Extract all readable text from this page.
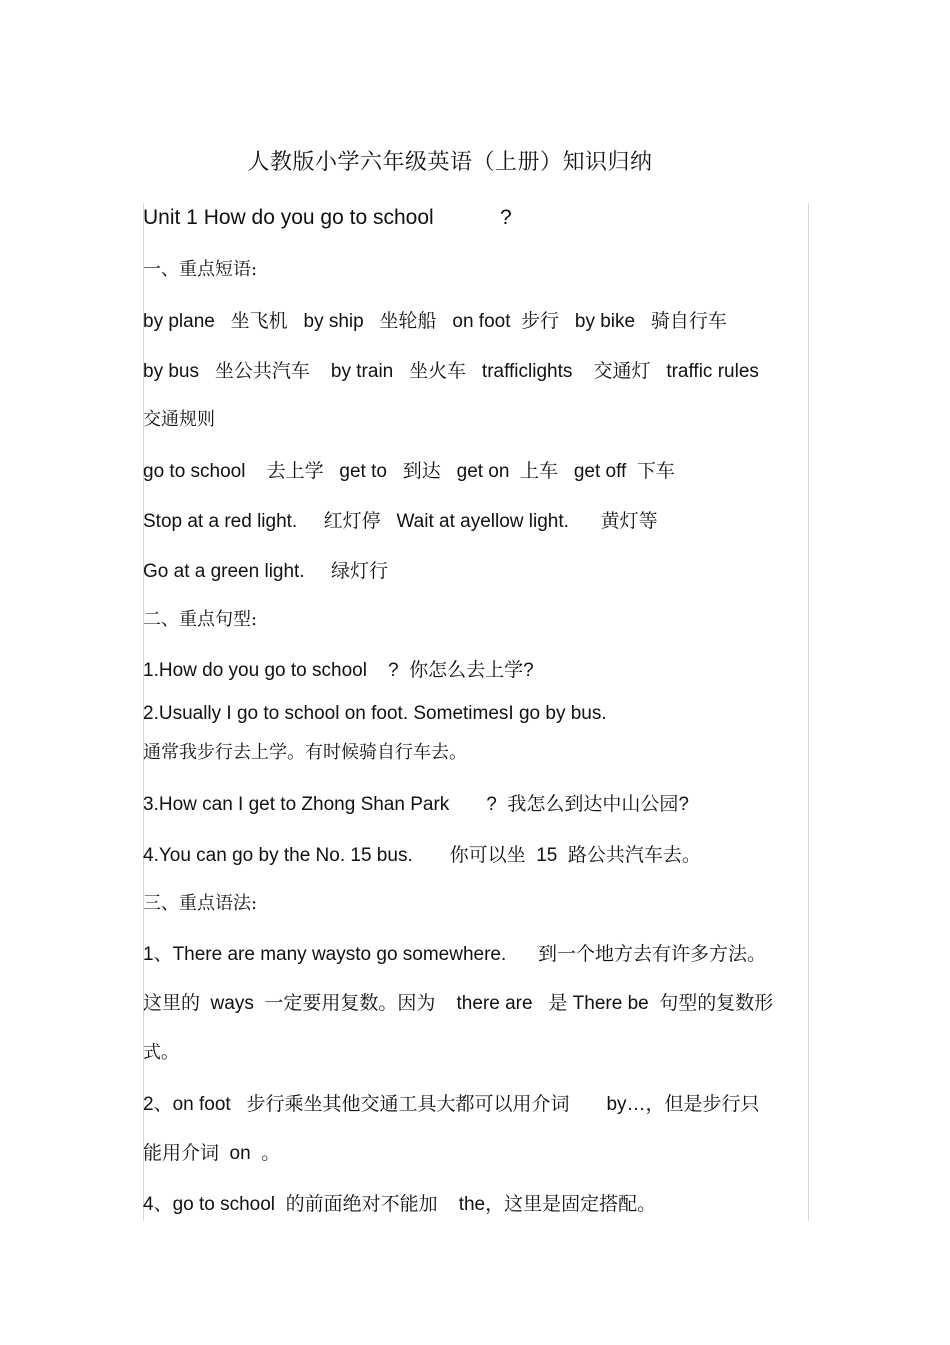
人教版小学六年级英语（上册）知识归纳
Unit 1 How do you go to school	?
一、重点短语:
by plane   坐飞机   by ship   坐轮船   on foot  步行   by bike   骑自行车
by bus   坐公共汽车    by train   坐火车   trafficlights    交通灯   traffic rules
交通规则
go to school    去上学   get to   到达   get on  上车   get off  下车
Stop at a red light.     红灯停   Wait at ayellow light.      黄灯等
Go at a green light.     绿灯行
二、重点句型:
1.How do you go to school    ?  你怎么去上学?
2.Usually I go to school on foot. SometimesI go by bus.
通常我步行去上学。有时候骑自行车去。
3.How can I get to Zhong Shan Park       ?  我怎么到达中山公园?
4.You can go by the No. 15 bus.       你可以坐  15  路公共汽车去。
三、重点语法:
1、There are many waysto go somewhere.      到一个地方去有许多方法。
这里的  ways  一定要用复数。因为    there are   是 There be  句型的复数形
式。
2、on foot   步行乘坐其他交通工具大都可以用介词       by…，但是步行只
能用介词  on  。
4、go to school  的前面绝对不能加    the，这里是固定搭配。
